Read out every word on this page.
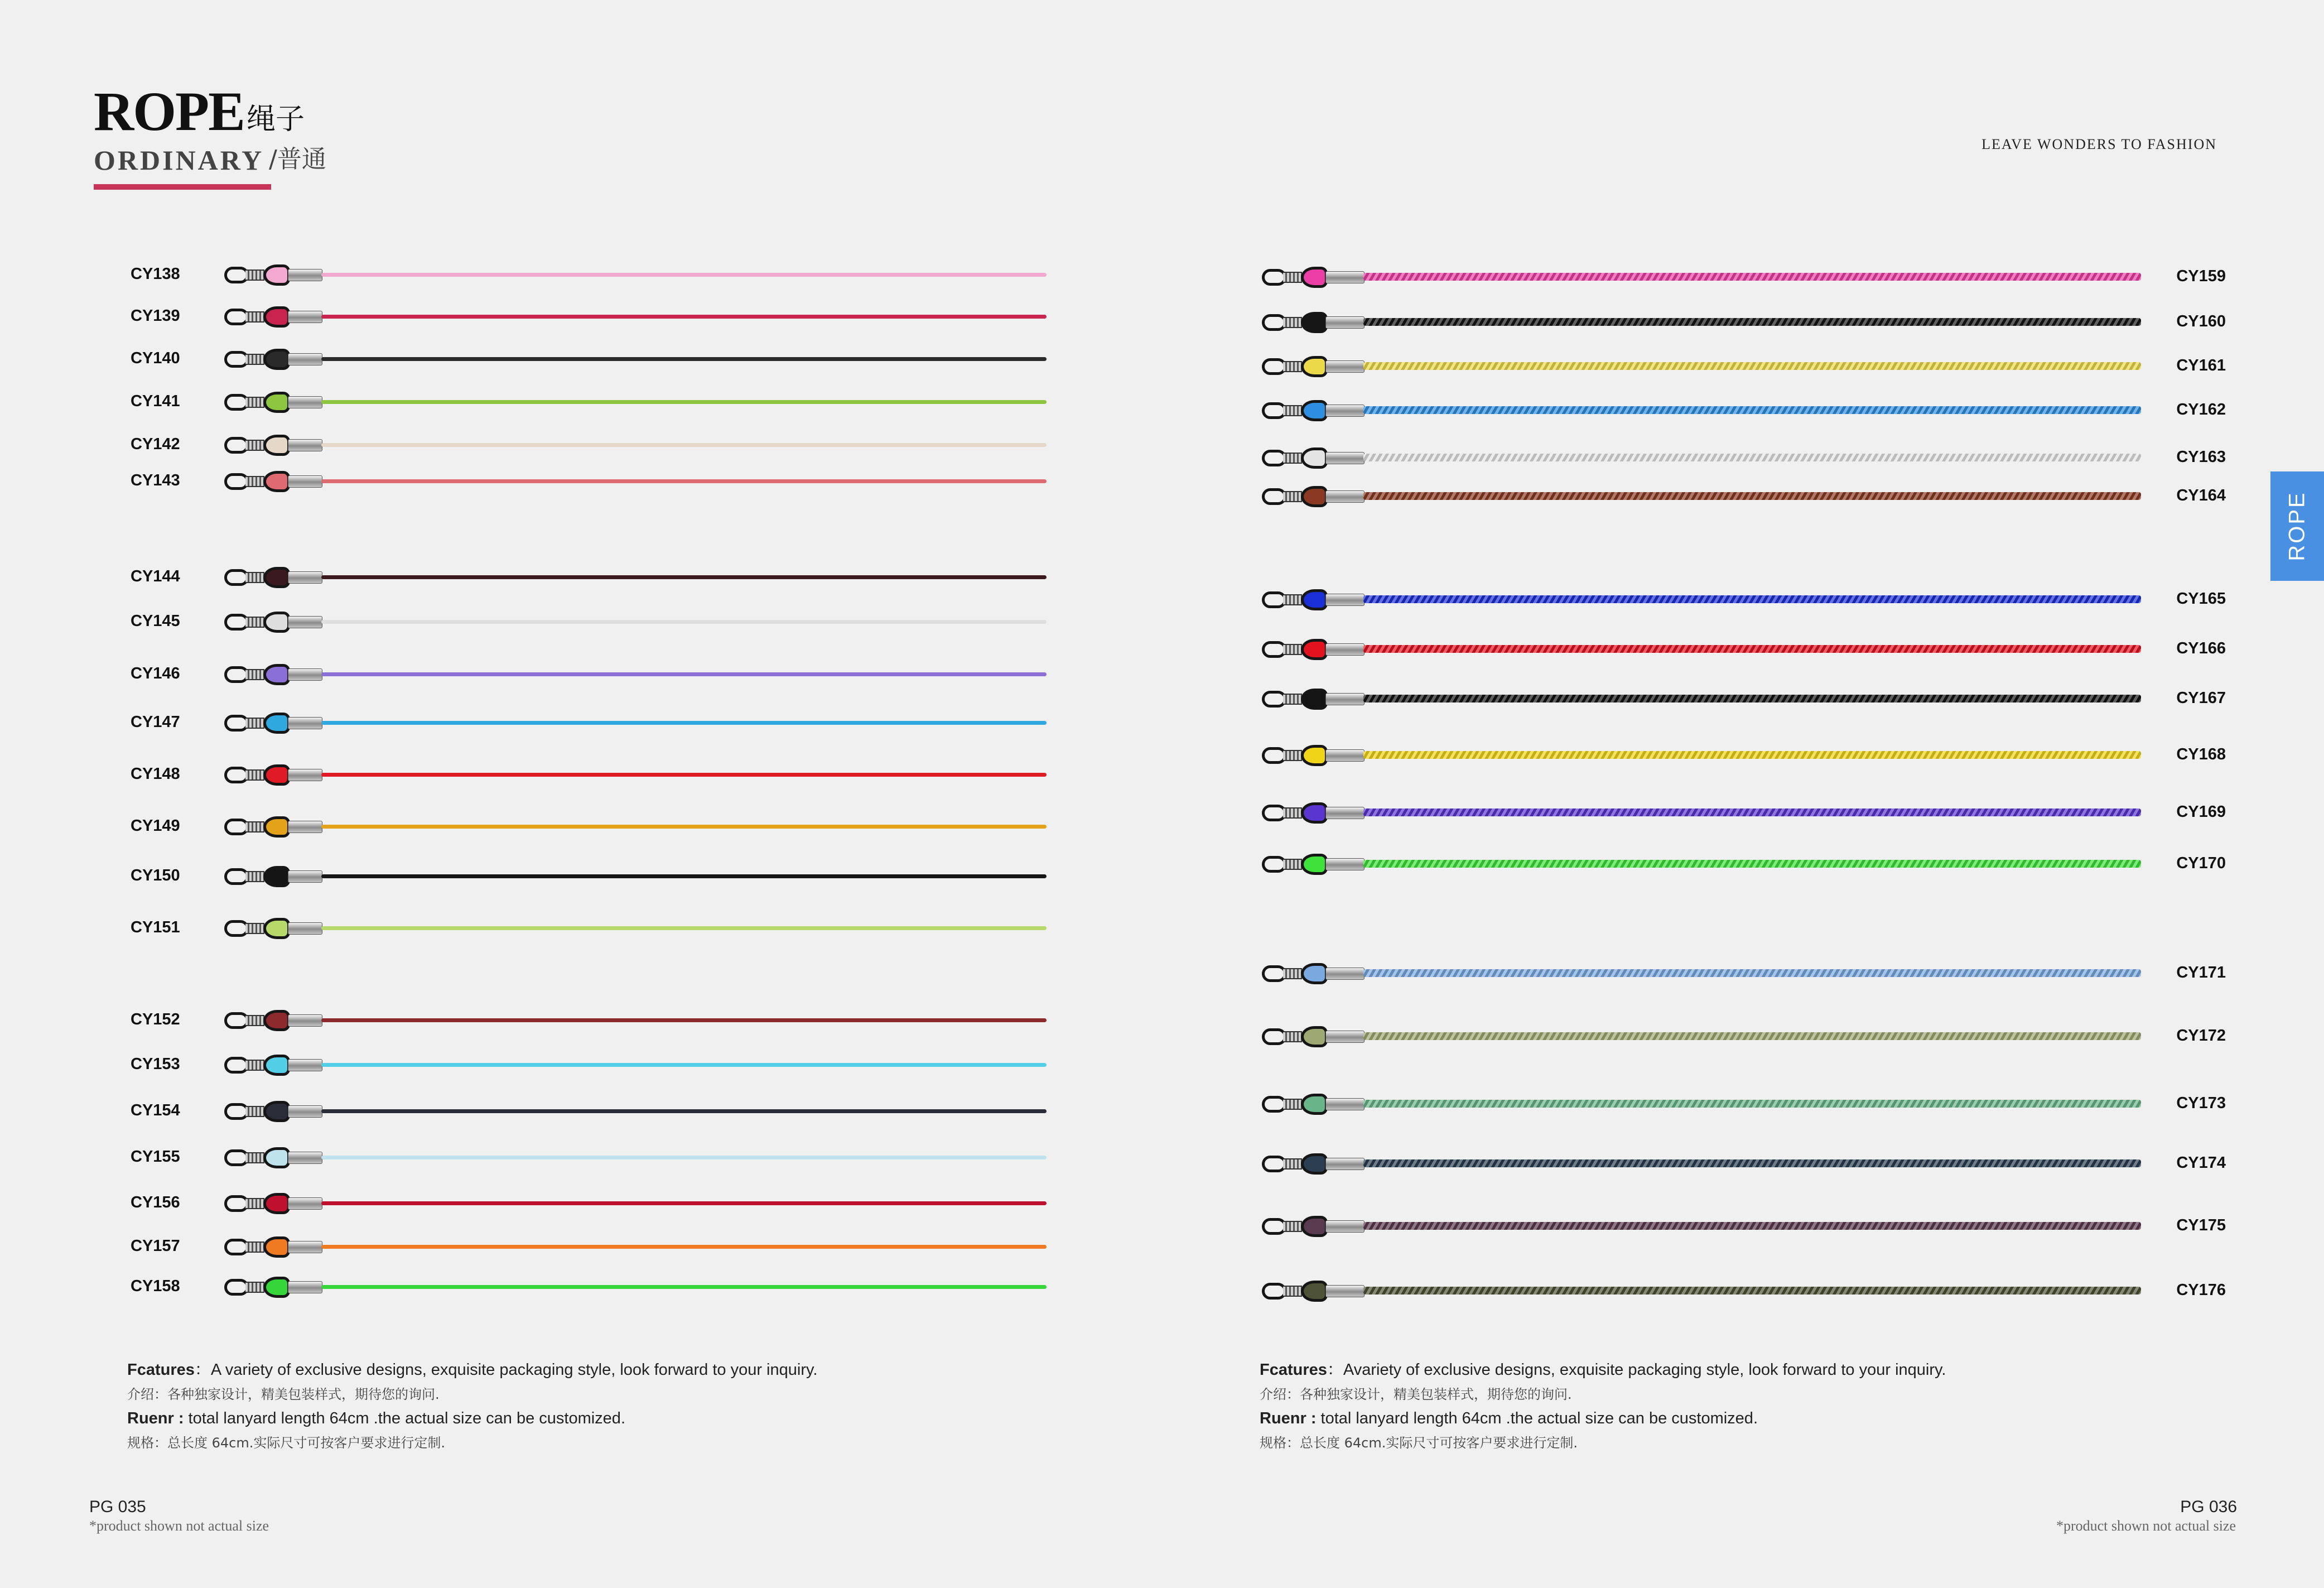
ROPE 绳子
ORDINARY /普通
LEAVE WONDERS TO FASHION
ROPE
CY138
CY139
CY140
CY141
CY142
CY143
CY144
CY145
CY146
CY147
CY148
CY149
CY150
CY151
CY152
CY153
CY154
CY155
CY156
CY157
CY158
CY159
CY160
CY161
CY162
CY163
CY164
CY165
CY166
CY167
CY168
CY169
CY170
CY171
CY172
CY173
CY174
CY175
CY176
Fcatures：A variety of exclusive designs, exquisite packaging style, look forward to your inquiry.
介绍：各种独家设计，精美包装样式，期待您的询问.
Ruenr : total lanyard length 64cm .the actual size can be customized.
规格：总长度 64cm.实际尺寸可按客户要求进行定制.
Fcatures：Avariety of exclusive designs, exquisite packaging style, look forward to your inquiry.
介绍：各种独家设计，精美包装样式，期待您的询问.
Ruenr : total lanyard length 64cm .the actual size can be customized.
规格：总长度 64cm.实际尺寸可按客户要求进行定制.
PG 035
*product shown not actual size
PG 036
*product shown not actual size
